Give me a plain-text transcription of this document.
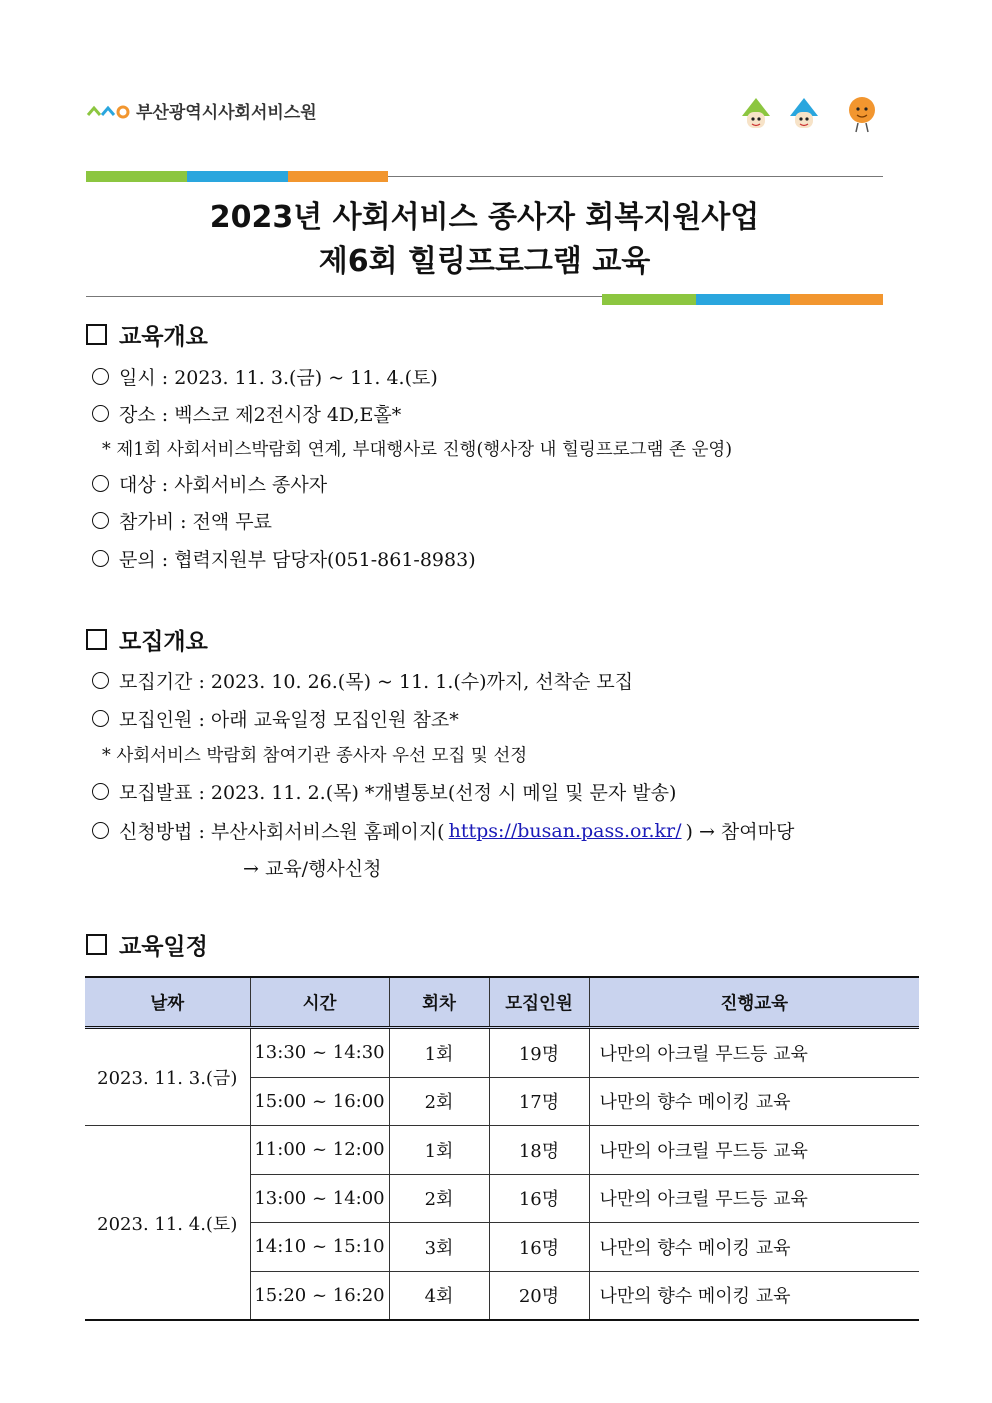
부산광역시사회서비스원
2023년 사회서비스 종사자 회복지원사업
제6회 힐링프로그램 교육
교육개요
일시 : 2023. 11. 3.(금) ~ 11. 4.(토)
장소 : 벡스코 제2전시장 4D,E홀*
* 제1회 사회서비스박람회 연계, 부대행사로 진행(행사장 내 힐링프로그램 존 운영)
대상 : 사회서비스 종사자
참가비 : 전액 무료
문의 : 협력지원부 담당자(051-861-8983)
모집개요
모집기간 : 2023. 10. 26.(목) ~ 11. 1.(수)까지, 선착순 모집
모집인원 : 아래 교육일정 모집인원 참조*
* 사회서비스 박람회 참여기관 종사자 우선 모집 및 선정
모집발표 : 2023. 11. 2.(목) *개별통보(선정 시 메일 및 문자 발송)
신청방법 : 부산사회서비스원 홈페이지( https://busan.pass.or.kr/ ) → 참여마당
→ 교육/행사신청
교육일정
날짜	시간	회차	모집인원	진행교육
2023. 11. 3.(금)	13:30 ~ 14:30	1회	19명	나만의 아크릴 무드등 교육
	15:00 ~ 16:00	2회	17명	나만의 향수 메이킹 교육
2023. 11. 4.(토)	11:00 ~ 12:00	1회	18명	나만의 아크릴 무드등 교육
	13:00 ~ 14:00	2회	16명	나만의 아크릴 무드등 교육
	14:10 ~ 15:10	3회	16명	나만의 향수 메이킹 교육
	15:20 ~ 16:20	4회	20명	나만의 향수 메이킹 교육
